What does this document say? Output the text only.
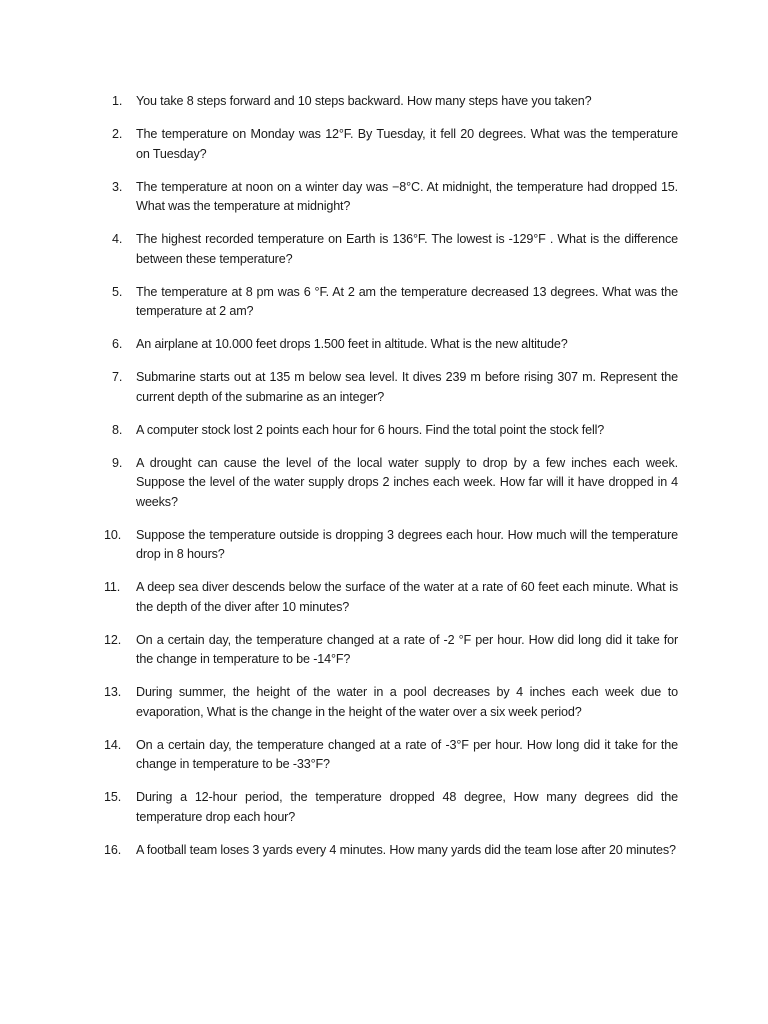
1.	You take 8 steps forward and 10 steps backward. How many steps have you taken?
2.	The temperature on Monday was 12°F. By Tuesday, it fell 20 degrees. What was the temperature on Tuesday?
3.	The temperature at noon on a winter day was −8°C. At midnight, the temperature had dropped 15. What was the temperature at midnight?
4.	The highest recorded temperature on Earth is 136°F. The lowest is -129°F . What is the difference between these temperature?
5.	The temperature at 8 pm was 6 °F. At 2 am the temperature decreased 13 degrees. What was the temperature at 2 am?
6.	An airplane at 10.000 feet drops 1.500 feet in altitude. What is the new altitude?
7.	Submarine starts out at 135 m below sea level. It dives 239 m before rising 307 m. Represent the current depth of the submarine as an integer?
8.	A computer stock lost 2 points each hour for 6 hours. Find the total point the stock fell?
9.	A drought can cause the level of the local water supply to drop by a few inches each week. Suppose the level of the water supply drops 2 inches each week. How far will it have dropped in 4 weeks?
10.	Suppose the temperature outside is dropping 3 degrees each hour. How much will the temperature drop in 8 hours?
11.	A deep sea diver descends below the surface of the water at a rate of 60 feet each minute. What is the depth of the diver after 10 minutes?
12.	On a certain day, the temperature changed at a rate of -2 °F per hour. How did long did it take for the change in temperature to be -14°F?
13.	During summer, the height of the water in a pool decreases by 4 inches each week due to evaporation, What is the change in the height of the water over a six week period?
14.	On a certain day, the temperature changed at a rate of -3°F per hour. How long did it take for the change in temperature to be -33°F?
15.	During a 12-hour period, the temperature dropped 48 degree, How many degrees did the temperature drop each hour?
16.	A football team loses 3 yards every 4 minutes. How many yards did the team lose after 20 minutes?
